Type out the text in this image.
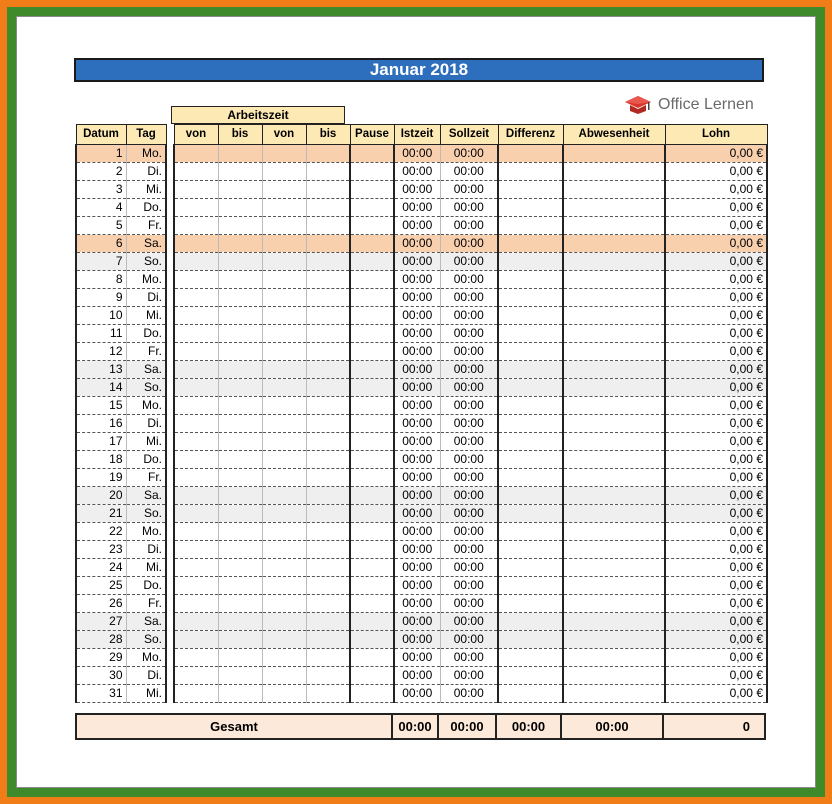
Januar 2018
Office Lernen
Arbeitszeit
Datum	Tag		von	bis	von	bis	Pause	Istzeit	Sollzeit	Differenz	Abwesenheit	Lohn
1	Mo.							00:00	00:00			0,00 €
2	Di.							00:00	00:00			0,00 €
3	Mi.							00:00	00:00			0,00 €
4	Do.							00:00	00:00			0,00 €
5	Fr.							00:00	00:00			0,00 €
6	Sa.							00:00	00:00			0,00 €
7	So.							00:00	00:00			0,00 €
8	Mo.							00:00	00:00			0,00 €
9	Di.							00:00	00:00			0,00 €
10	Mi.							00:00	00:00			0,00 €
11	Do.							00:00	00:00			0,00 €
12	Fr.							00:00	00:00			0,00 €
13	Sa.							00:00	00:00			0,00 €
14	So.							00:00	00:00			0,00 €
15	Mo.							00:00	00:00			0,00 €
16	Di.							00:00	00:00			0,00 €
17	Mi.							00:00	00:00			0,00 €
18	Do.							00:00	00:00			0,00 €
19	Fr.							00:00	00:00			0,00 €
20	Sa.							00:00	00:00			0,00 €
21	So.							00:00	00:00			0,00 €
22	Mo.							00:00	00:00			0,00 €
23	Di.							00:00	00:00			0,00 €
24	Mi.							00:00	00:00			0,00 €
25	Do.							00:00	00:00			0,00 €
26	Fr.							00:00	00:00			0,00 €
27	Sa.							00:00	00:00			0,00 €
28	So.							00:00	00:00			0,00 €
29	Mo.							00:00	00:00			0,00 €
30	Di.							00:00	00:00			0,00 €
31	Mi.							00:00	00:00			0,00 €
Gesamt	00:00	00:00	00:00	00:00	0
